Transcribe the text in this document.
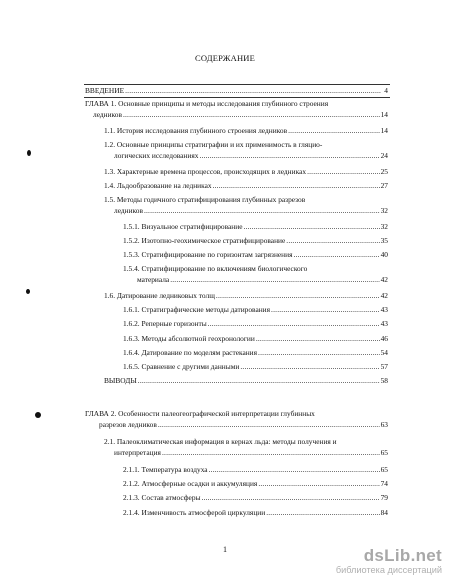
СОДЕРЖАНИЕ
ВВЕДЕНИЕ .....	4
ГЛАВА 1. Основные принципы и методы исследования глубинного строения
ледников .....	14
1.1. История исследования глубинного строения ледников .....	14
1.2. Основные принципы стратиграфии и их применимость в гляцио-
логических исследованиях .....	24
1.3. Характерные времена процессов, происходящих в ледниках .....	25
1.4. Льдообразование на ледниках .....	27
1.5. Методы годичного стратифицирования глубинных разрезов
ледников .....	32
1.5.1. Визуальное стратифицирование .....	32
1.5.2. Изотопно-геохимическое стратифицирование .....	35
1.5.3. Стратифицирование по горизонтам загрязнения .....	40
1.5.4. Стратифицирование по включениям биологического
материала .....	42
1.6. Датирование ледниковых толщ .....	42
1.6.1. Стратиграфические методы датирования .....	43
1.6.2. Реперные горизонты .....	43
1.6.3. Методы абсолютной геохронологии .....	46
1.6.4. Датирование по моделям растекания .....	54
1.6.5. Сравнение с другими данными .....	57
ВЫВОДЫ .....	58
ГЛАВА 2. Особенности палеогеографической интерпретации глубинных
разрезов ледников .....	63
2.1. Палеоклиматическая информация в кернах льда: методы получения и
интерпретация .....	65
2.1.1. Температура воздуха .....	65
2.1.2. Атмосферные осадки и аккумуляция .....	74
2.1.3. Состав атмосферы .....	79
2.1.4. Изменчивость атмосферой циркуляции .....	84
1	dsLib.net
библиотека диссертаций
